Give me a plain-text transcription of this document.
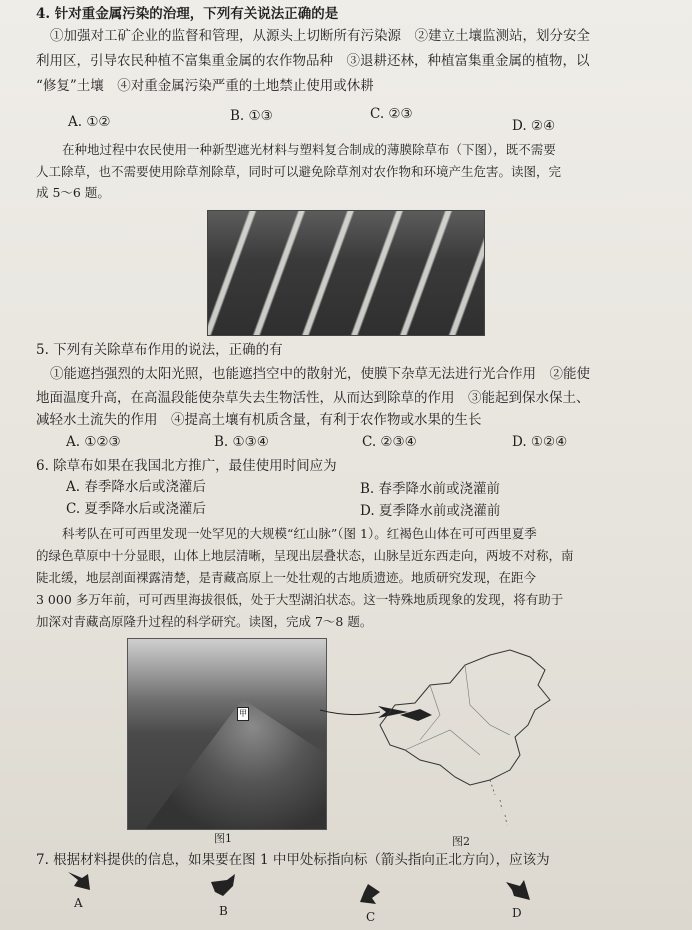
4. 针对重金属污染的治理，下列有关说法正确的是
①加强对工矿企业的监督和管理，从源头上切断所有污染源　②建立土壤监测站，划分安全
利用区，引导农民种植不富集重金属的农作物品种　③退耕还林，种植富集重金属的植物，以
“修复”土壤　④对重金属污染严重的土地禁止使用或休耕
A. ①②	B. ①③	C. ②③
D. ②④
在种地过程中农民使用一种新型遮光材料与塑料复合制成的薄膜除草布（下图），既不需要
人工除草，也不需要使用除草剂除草，同时可以避免除草剂对农作物和环境产生危害。读图，完
成 5～6 题。
5. 下列有关除草布作用的说法，正确的有
①能遮挡强烈的太阳光照，也能遮挡空中的散射光，使膜下杂草无法进行光合作用　②能使
地面温度升高，在高温段能使杂草失去生物活性，从而达到除草的作用　③能起到保水保土、
减轻水土流失的作用　④提高土壤有机质含量，有利于农作物或水果的生长
A. ①②③	B. ①③④	C. ②③④	D. ①②④
6. 除草布如果在我国北方推广，最佳使用时间应为
A. 春季降水后或浇灌后	B. 春季降水前或浇灌前
C. 夏季降水后或浇灌后	D. 夏季降水前或浇灌前
科考队在可可西里发现一处罕见的大规模“红山脉”（图 1）。红褐色山体在可可西里夏季
的绿色草原中十分显眼，山体上地层清晰，呈现出层叠状态，山脉呈近东西走向，两坡不对称，南
陡北缓，地层剖面裸露清楚，是青藏高原上一处壮观的古地质遗迹。地质研究发现，在距今
3 000 多万年前，可可西里海拔很低，处于大型湖泊状态。这一特殊地质现象的发现，将有助于
加深对青藏高原隆升过程的科学研究。读图，完成 7～8 题。
甲
图1	图2
7. 根据材料提供的信息，如果要在图 1 中甲处标指向标（箭头指向正北方向），应该为
A
B	C	D
